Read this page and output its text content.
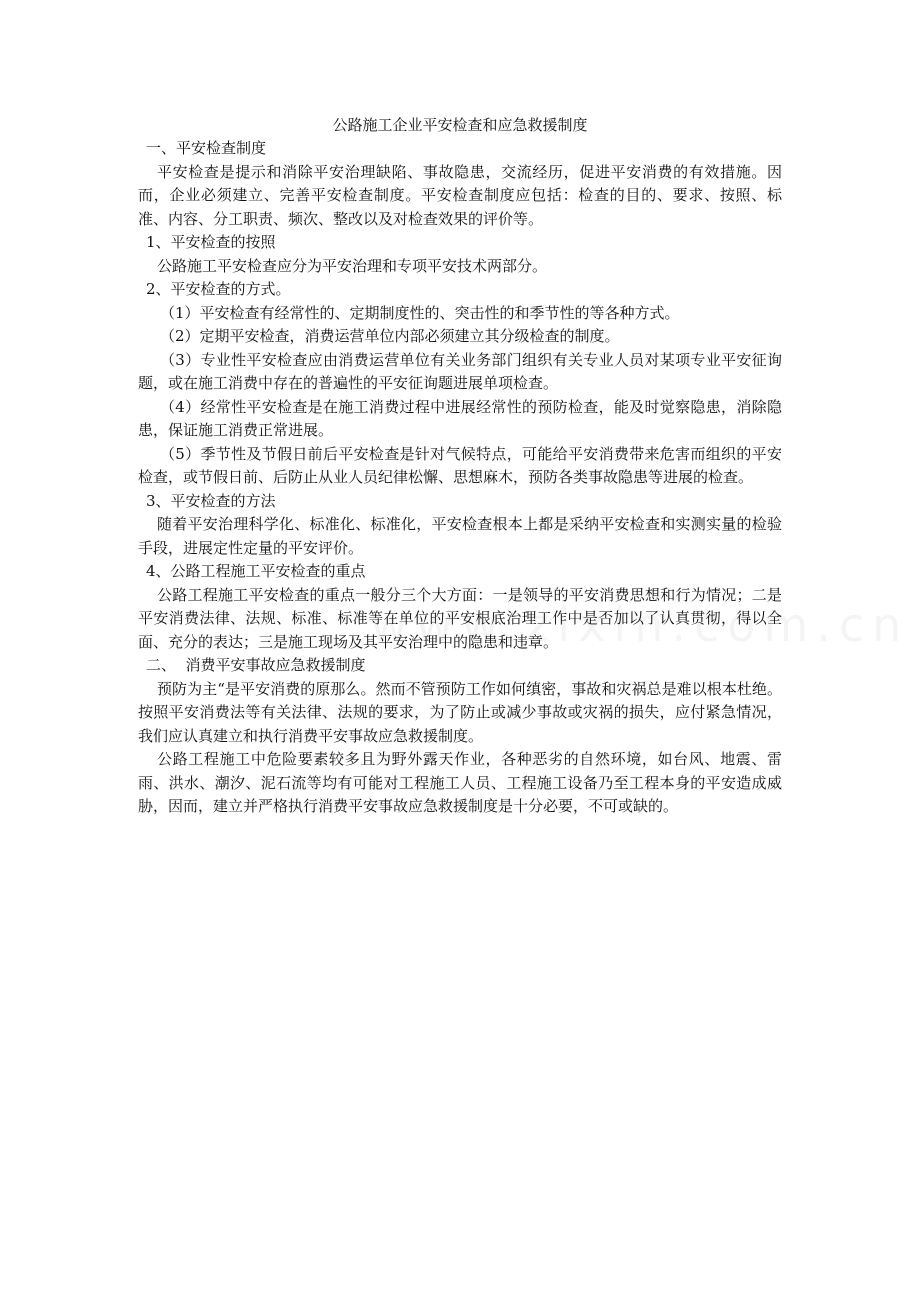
公路施工企业平安检查和应急救援制度

一、平安检查制度

平安检查是提示和消除平安治理缺陷、事故隐患，交流经历，促进平安消费的有效措施。因而，企业必须建立、完善平安检查制度。平安检查制度应包括：检查的目的、要求、按照、标准、内容、分工职责、频次、整改以及对检查效果的评价等。

1、平安检查的按照

公路施工平安检查应分为平安治理和专项平安技术两部分。

2、平安检查的方式。

（1）平安检查有经常性的、定期制度性的、突击性的和季节性的等各种方式。

（2）定期平安检查，消费运营单位内部必须建立其分级检查的制度。

（3）专业性平安检查应由消费运营单位有关业务部门组织有关专业人员对某项专业平安征询题，或在施工消费中存在的普遍性的平安征询题进展单项检查。

（4）经常性平安检查是在施工消费过程中进展经常性的预防检查，能及时觉察隐患，消除隐患，保证施工消费正常进展。

（5）季节性及节假日前后平安检查是针对气候特点，可能给平安消费带来危害而组织的平安检查，或节假日前、后防止从业人员纪律松懈、思想麻木，预防各类事故隐患等进展的检查。

3、平安检查的方法

随着平安治理科学化、标准化、标准化，平安检查根本上都是采纳平安检查和实测实量的检验手段，进展定性定量的平安评价。

4、公路工程施工平安检查的重点

公路工程施工平安检查的重点一般分三个大方面：一是领导的平安消费思想和行为情况；二是平安消费法律、法规、标准、标准等在单位的平安根底治理工作中是否加以了认真贯彻，得以全面、充分的表达；三是施工现场及其平安治理中的隐患和违章。

二、  消费平安事故应急救援制度

预防为主“是平安消费的原那么。然而不管预防工作如何缜密，事故和灾祸总是难以根本杜绝。按照平安消费法等有关法律、法规的要求，为了防止或减少事故或灾祸的损失，应付紧急情况，我们应认真建立和执行消费平安事故应急救援制度。

公路工程施工中危险要素较多且为野外露天作业，各种恶劣的自然环境，如台风、地震、雷雨、洪水、潮汐、泥石流等均有可能对工程施工人员、工程施工设备乃至工程本身的平安造成威胁，因而，建立并严格执行消费平安事故应急救援制度是十分必要，不可或缺的。
